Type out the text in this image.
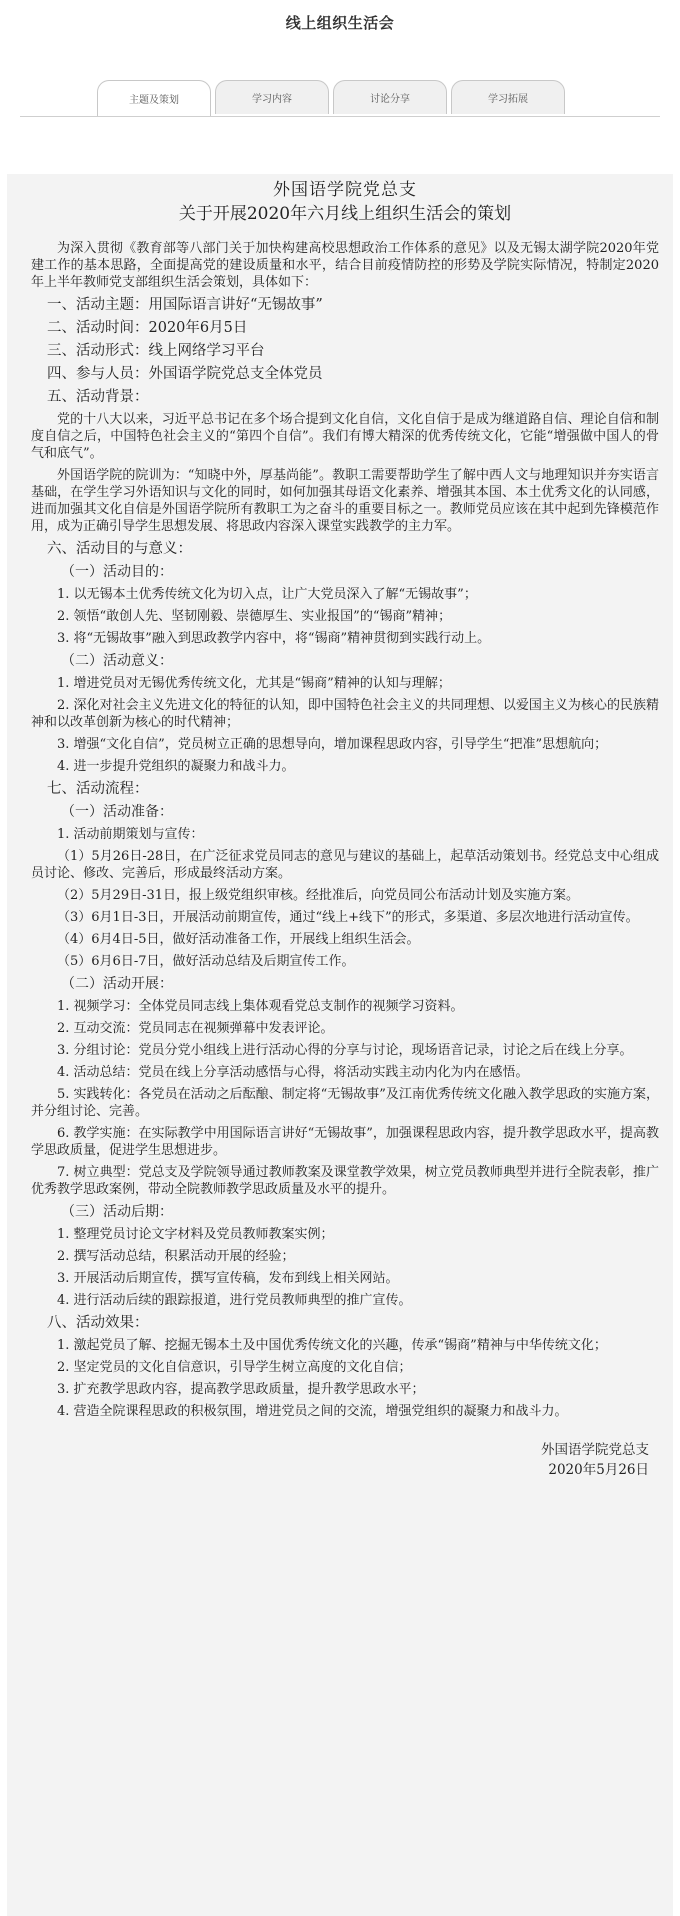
线上组织生活会
主题及策划	学习内容	讨论分享	学习拓展
外国语学院党总支
关于开展2020年六月线上组织生活会的策划

为深入贯彻《教育部等八部门关于加快构建高校思想政治工作体系的意见》以及无锡太湖学院2020年党建工作的基本思路，全面提高党的建设质量和水平，结合目前疫情防控的形势及学院实际情况，特制定2020年上半年教师党支部组织生活会策划，具体如下：

一、活动主题：用国际语言讲好“无锡故事”

二、活动时间：2020年6月5日

三、活动形式：线上网络学习平台

四、参与人员：外国语学院党总支全体党员

五、活动背景：

党的十八大以来，习近平总书记在多个场合提到文化自信，文化自信于是成为继道路自信、理论自信和制度自信之后，中国特色社会主义的“第四个自信”。我们有博大精深的优秀传统文化，它能“增强做中国人的骨气和底气”。

外国语学院的院训为：“知晓中外，厚基尚能”。教职工需要帮助学生了解中西人文与地理知识并夯实语言基础，在学生学习外语知识与文化的同时，如何加强其母语文化素养、增强其本国、本土优秀文化的认同感，进而加强其文化自信是外国语学院所有教职工为之奋斗的重要目标之一。教师党员应该在其中起到先锋模范作用，成为正确引导学生思想发展、将思政内容深入课堂实践教学的主力军。

六、活动目的与意义：

（一）活动目的：

1. 以无锡本土优秀传统文化为切入点，让广大党员深入了解“无锡故事”；

2. 领悟“敢创人先、坚韧刚毅、崇德厚生、实业报国”的“锡商”精神；

3. 将“无锡故事”融入到思政教学内容中，将“锡商”精神贯彻到实践行动上。

（二）活动意义：

1. 增进党员对无锡优秀传统文化，尤其是“锡商”精神的认知与理解；

2. 深化对社会主义先进文化的特征的认知，即中国特色社会主义的共同理想、以爱国主义为核心的民族精神和以改革创新为核心的时代精神；

3. 增强“文化自信”，党员树立正确的思想导向，增加课程思政内容，引导学生“把准”思想航向；

4. 进一步提升党组织的凝聚力和战斗力。

七、活动流程：

（一）活动准备：

1. 活动前期策划与宣传：

（1）5月26日-28日，在广泛征求党员同志的意见与建议的基础上，起草活动策划书。经党总支中心组成员讨论、修改、完善后，形成最终活动方案。

（2）5月29日-31日，报上级党组织审核。经批准后，向党员同公布活动计划及实施方案。

（3）6月1日-3日，开展活动前期宣传，通过“线上+线下”的形式，多渠道、多层次地进行活动宣传。

（4）6月4日-5日，做好活动准备工作，开展线上组织生活会。

（5）6月6日-7日，做好活动总结及后期宣传工作。

（二）活动开展：

1. 视频学习：全体党员同志线上集体观看党总支制作的视频学习资料。

2. 互动交流：党员同志在视频弹幕中发表评论。

3. 分组讨论：党员分党小组线上进行活动心得的分享与讨论，现场语音记录，讨论之后在线上分享。

4. 活动总结：党员在线上分享活动感悟与心得，将活动实践主动内化为内在感悟。

5. 实践转化：各党员在活动之后酝酿、制定将“无锡故事”及江南优秀传统文化融入教学思政的实施方案，并分组讨论、完善。

6. 教学实施：在实际教学中用国际语言讲好“无锡故事”，加强课程思政内容，提升教学思政水平，提高教学思政质量，促进学生思想进步。

7. 树立典型：党总支及学院领导通过教师教案及课堂教学效果，树立党员教师典型并进行全院表彰，推广优秀教学思政案例，带动全院教师教学思政质量及水平的提升。

（三）活动后期：

1. 整理党员讨论文字材料及党员教师教案实例；

2. 撰写活动总结，积累活动开展的经验；

3. 开展活动后期宣传，撰写宣传稿，发布到线上相关网站。

4. 进行活动后续的跟踪报道，进行党员教师典型的推广宣传。

八、活动效果：

1. 激起党员了解、挖掘无锡本土及中国优秀传统文化的兴趣，传承“锡商”精神与中华传统文化；

2. 坚定党员的文化自信意识，引导学生树立高度的文化自信；

3. 扩充教学思政内容，提高教学思政质量，提升教学思政水平；

4. 营造全院课程思政的积极氛围，增进党员之间的交流，增强党组织的凝聚力和战斗力。

外国语学院党总支
2020年5月26日
